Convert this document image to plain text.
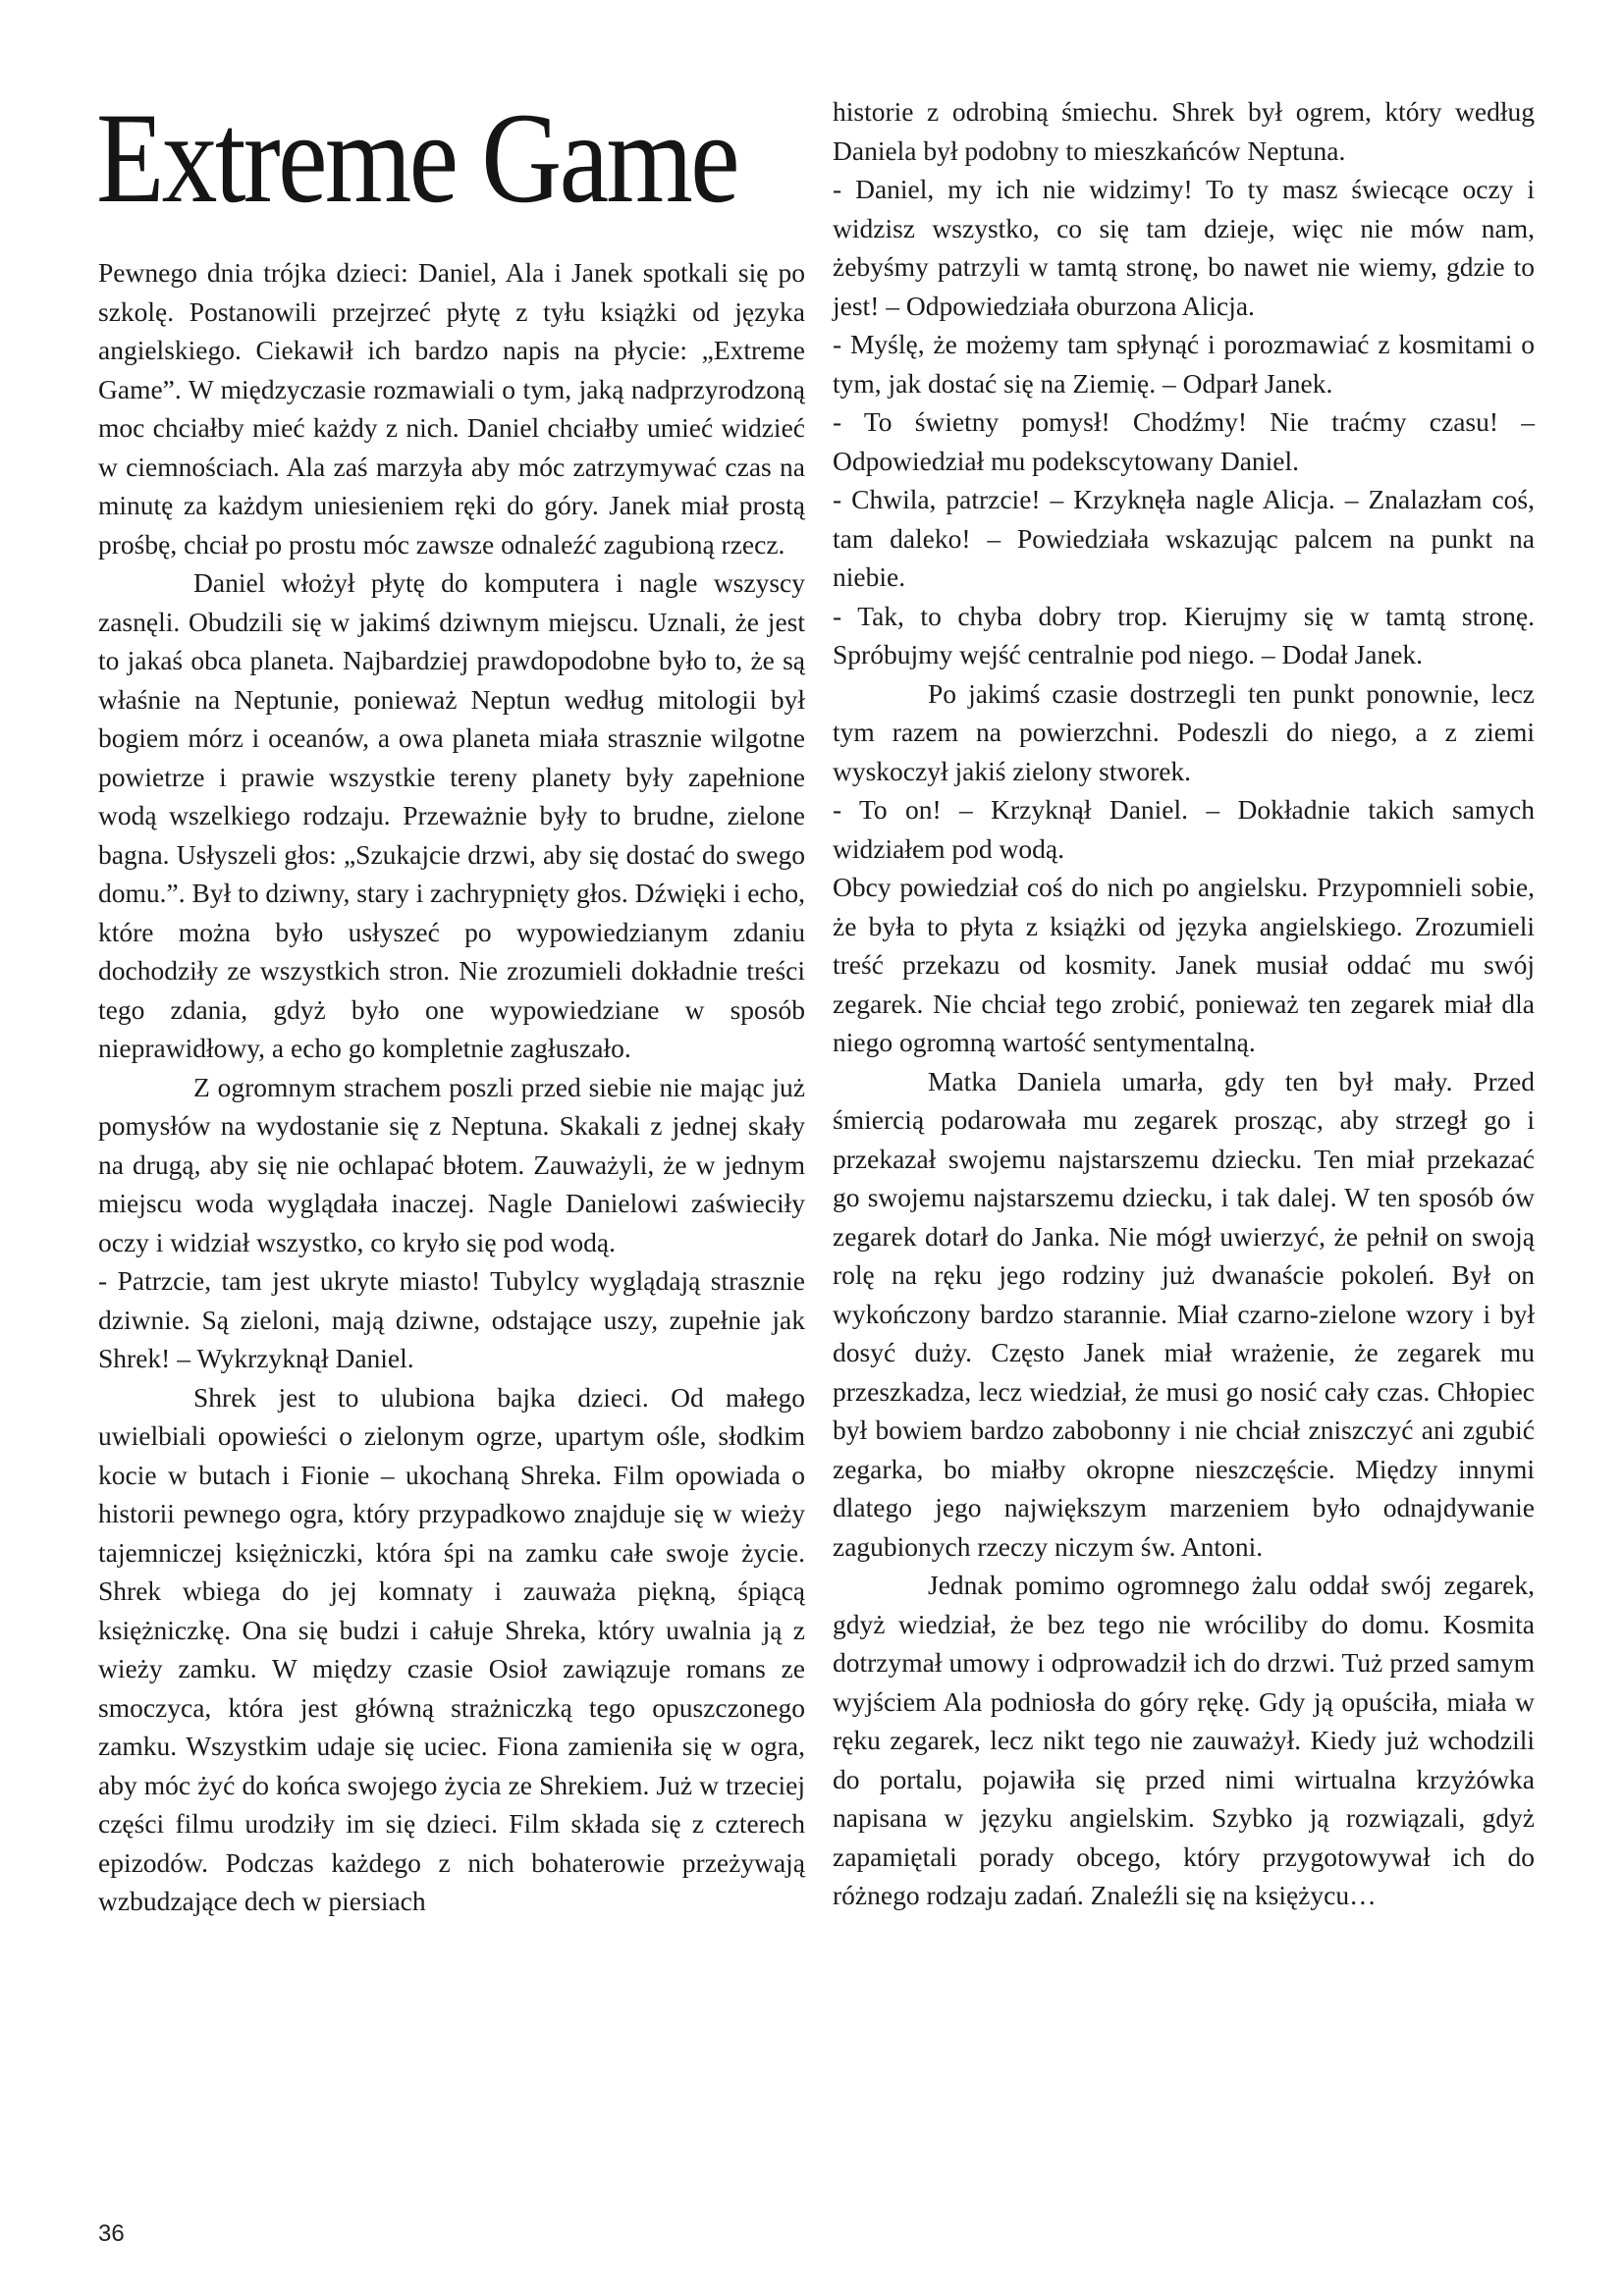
Extreme Game

Pewnego dnia trójka dzieci: Daniel, Ala i Janek spotkali się po szkolę. Postanowili przejrzeć płytę z tyłu książki od języka angielskiego. Ciekawił ich bardzo napis na płycie: „Extreme Game”. W międzyczasie rozmawiali o tym, jaką nadprzyrodzoną moc chciałby mieć każdy z nich. Daniel chciałby umieć widzieć w ciemnościach. Ala zaś marzyła aby móc zatrzymywać czas na minutę za każdym uniesieniem ręki do góry. Janek miał prostą prośbę, chciał po prostu móc zawsze odnaleźć zagubioną rzecz.

Daniel włożył płytę do komputera i nagle wszyscy zasnęli. Obudzili się w jakimś dziwnym miejscu. Uznali, że jest to jakaś obca planeta. Najbardziej prawdopodobne było to, że są właśnie na Neptunie, ponieważ Neptun według mitologii był bogiem mórz i oceanów, a owa planeta miała strasznie wilgotne powietrze i prawie wszystkie tereny planety były zapełnione wodą wszelkiego rodzaju. Przeważnie były to brudne, zielone bagna. Usłyszeli głos: „Szukajcie drzwi, aby się dostać do swego domu.”. Był to dziwny, stary i zachrypnięty głos. Dźwięki i echo, które można było usłyszeć po wypowiedzianym zdaniu dochodziły ze wszystkich stron. Nie zrozumieli dokładnie treści tego zdania, gdyż było one wypowiedziane w sposób nieprawidłowy, a echo go kompletnie zagłuszało.

Z ogromnym strachem poszli przed siebie nie mając już pomysłów na wydostanie się z Neptuna. Skakali z jednej skały na drugą, aby się nie ochlapać błotem. Zauważyli, że w jednym miejscu woda wyglądała inaczej. Nagle Danielowi zaświeciły oczy i widział wszystko, co kryło się pod wodą.

- Patrzcie, tam jest ukryte miasto! Tubylcy wyglądają strasznie dziwnie. Są zieloni, mają dziwne, odstające uszy, zupełnie jak Shrek! – Wykrzyknął Daniel.

Shrek jest to ulubiona bajka dzieci. Od małego uwielbiali opowieści o zielonym ogrze, upartym ośle, słodkim kocie w butach i Fionie – ukochaną Shreka. Film opowiada o historii pewnego ogra, który przypadkowo znajduje się w wieży tajemniczej księżniczki, która śpi na zamku całe swoje życie. Shrek wbiega do jej komnaty i zauważa piękną, śpiącą księżniczkę. Ona się budzi i całuje Shreka, który uwalnia ją z wieży zamku. W między czasie Osioł zawiązuje romans ze smoczyca, która jest główną strażniczką tego opuszczonego zamku. Wszystkim udaje się uciec. Fiona zamieniła się w ogra, aby móc żyć do końca swojego życia ze Shrekiem. Już w trzeciej części filmu urodziły im się dzieci. Film składa się z czterech epizodów. Podczas każdego z nich bohaterowie przeżywają wzbudzające dech w piersiach

historie z odrobiną śmiechu. Shrek był ogrem, który według Daniela był podobny to mieszkańców Neptuna.

- Daniel, my ich nie widzimy! To ty masz świecące oczy i widzisz wszystko, co się tam dzieje, więc nie mów nam, żebyśmy patrzyli w tamtą stronę, bo nawet nie wiemy, gdzie to jest! – Odpowiedziała oburzona Alicja.

- Myślę, że możemy tam spłynąć i porozmawiać z kosmitami o tym, jak dostać się na Ziemię. – Odparł Janek.

- To świetny pomysł! Chodźmy! Nie traćmy czasu! – Odpowiedział mu podekscytowany Daniel.

- Chwila, patrzcie! – Krzyknęła nagle Alicja. – Znalazłam coś, tam daleko! – Powiedziała wskazując palcem na punkt na niebie.

- Tak, to chyba dobry trop. Kierujmy się w tamtą stronę. Spróbujmy wejść centralnie pod niego. – Dodał Janek.

Po jakimś czasie dostrzegli ten punkt ponownie, lecz tym razem na powierzchni. Podeszli do niego, a z ziemi wyskoczył jakiś zielony stworek.

- To on! – Krzyknął Daniel. – Dokładnie takich samych widziałem pod wodą.

Obcy powiedział coś do nich po angielsku. Przypomnieli sobie, że była to płyta z książki od języka angielskiego. Zrozumieli treść przekazu od kosmity. Janek musiał oddać mu swój zegarek. Nie chciał tego zrobić, ponieważ ten zegarek miał dla niego ogromną wartość sentymentalną.

Matka Daniela umarła, gdy ten był mały. Przed śmiercią podarowała mu zegarek prosząc, aby strzegł go i przekazał swojemu najstarszemu dziecku. Ten miał przekazać go swojemu najstarszemu dziecku, i tak dalej. W ten sposób ów zegarek dotarł do Janka. Nie mógł uwierzyć, że pełnił on swoją rolę na ręku jego rodziny już dwanaście pokoleń. Był on wykończony bardzo starannie. Miał czarno-zielone wzory i był dosyć duży. Często Janek miał wrażenie, że zegarek mu przeszkadza, lecz wiedział, że musi go nosić cały czas. Chłopiec był bowiem bardzo zabobonny i nie chciał zniszczyć ani zgubić zegarka, bo miałby okropne nieszczęście. Między innymi dlatego jego największym marzeniem było odnajdywanie zagubionych rzeczy niczym św. Antoni.

Jednak pomimo ogromnego żalu oddał swój zegarek, gdyż wiedział, że bez tego nie wróciliby do domu. Kosmita dotrzymał umowy i odprowadził ich do drzwi. Tuż przed samym wyjściem Ala podniosła do góry rękę. Gdy ją opuściła, miała w ręku zegarek, lecz nikt tego nie zauważył. Kiedy już wchodzili do portalu, pojawiła się przed nimi wirtualna krzyżówka napisana w języku angielskim. Szybko ją rozwiązali, gdyż zapamiętali porady obcego, który przygotowywał ich do różnego rodzaju zadań. Znaleźli się na księżycu…

36
